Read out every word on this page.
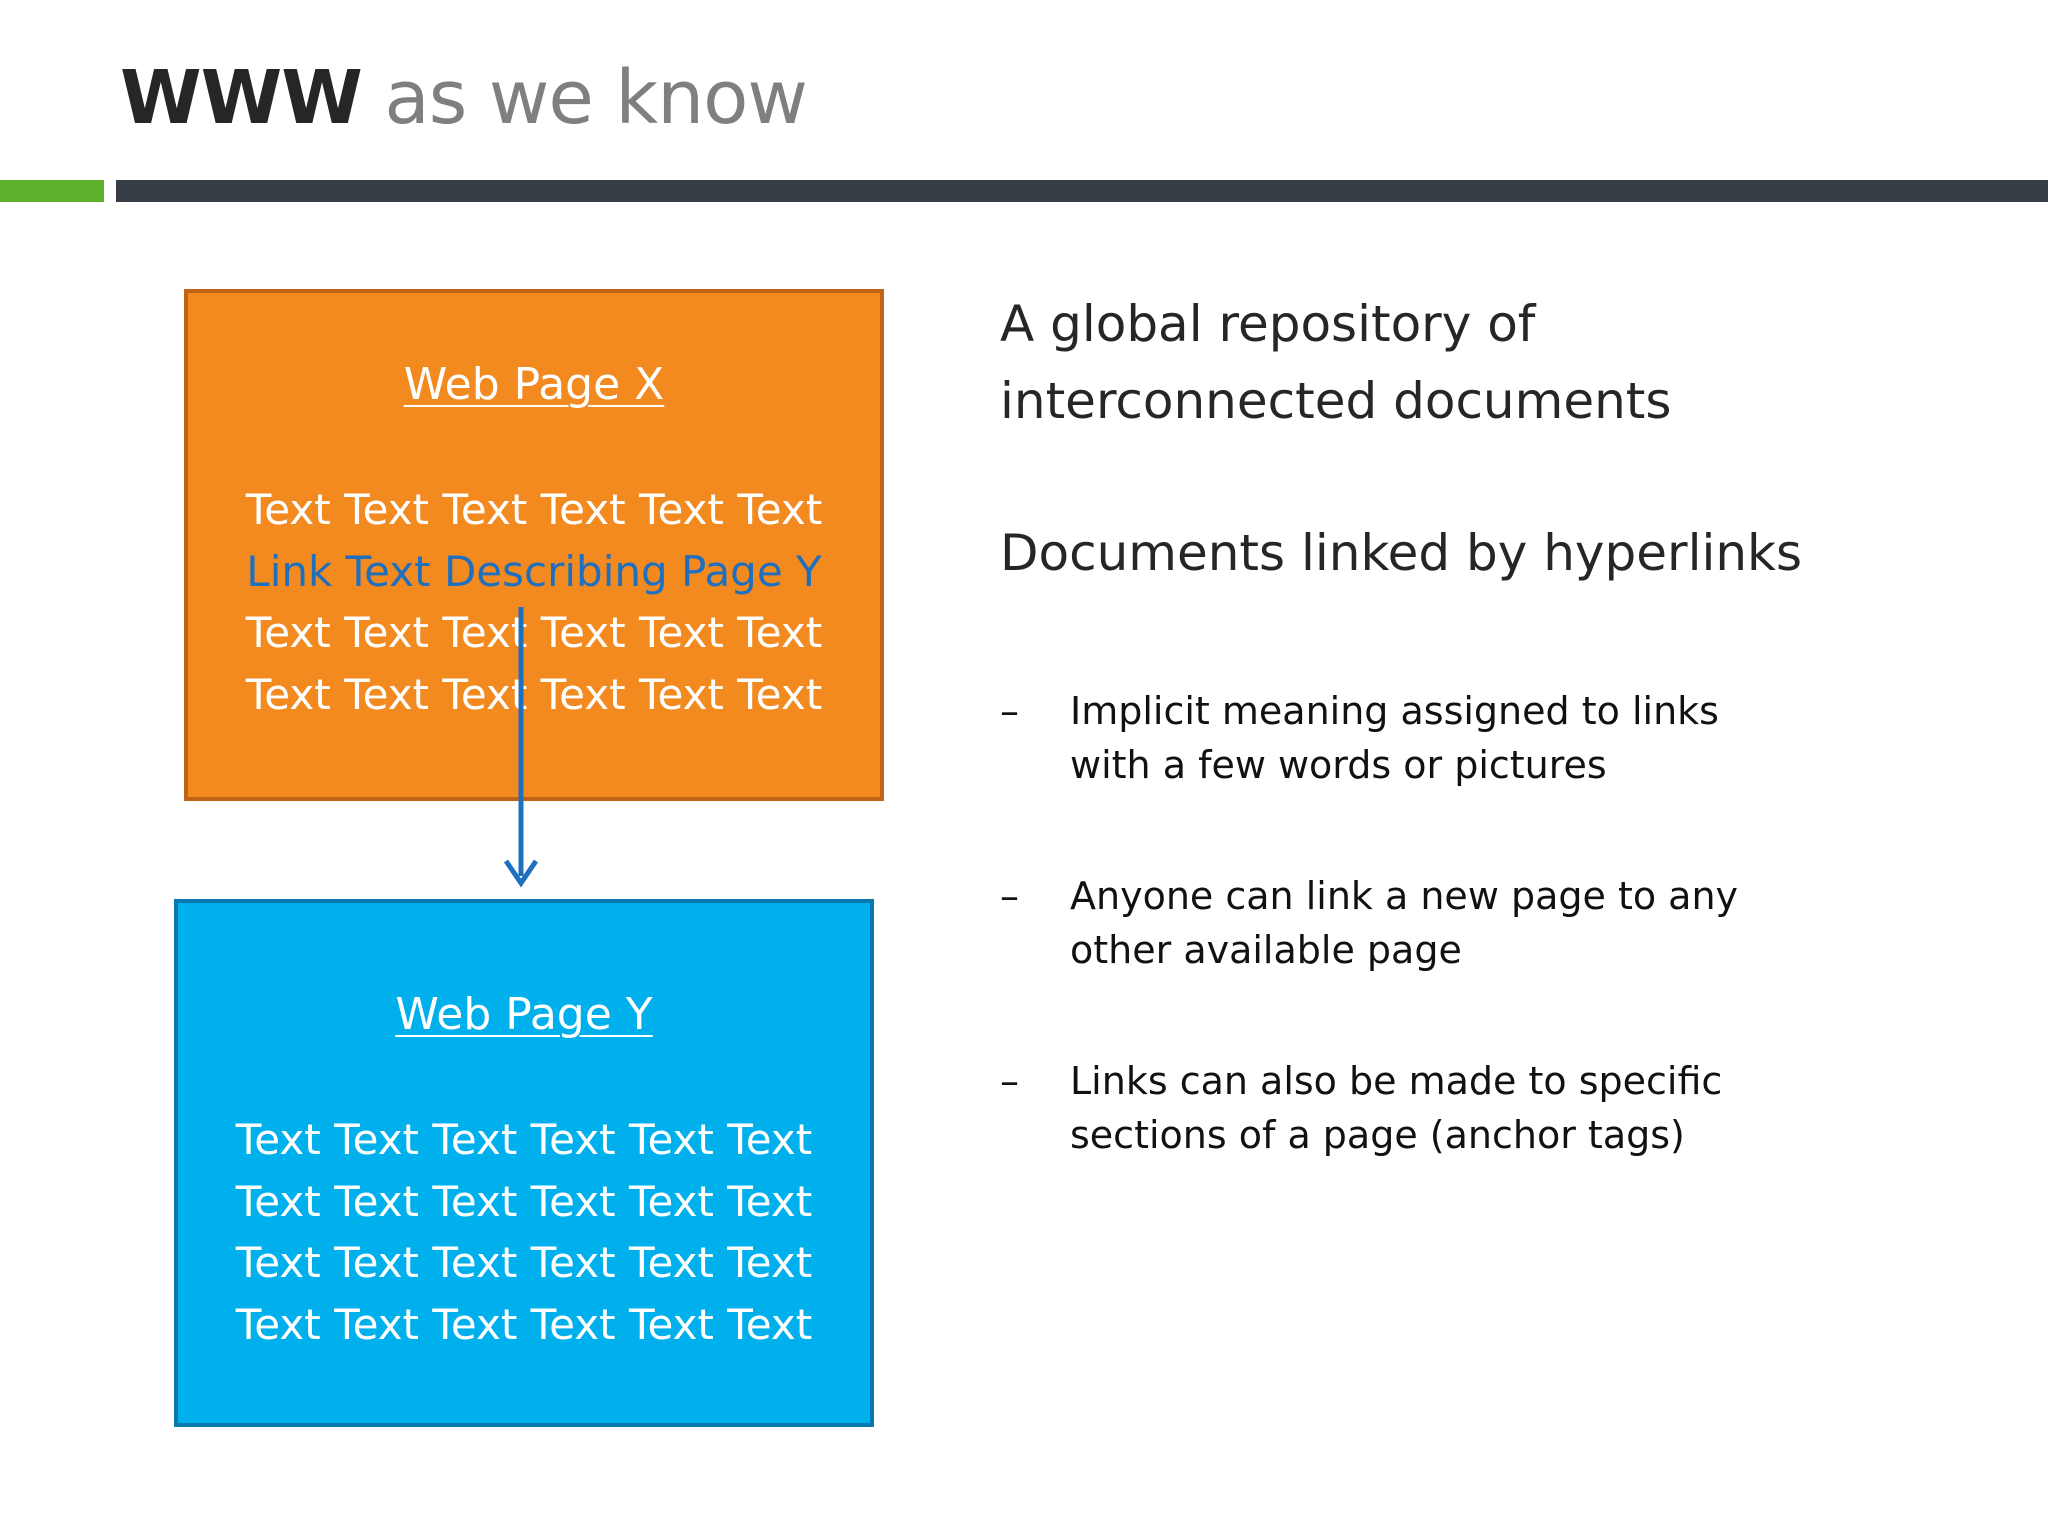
WWW as we know
Web Page X
Text Text Text Text Text Text
Link Text Describing Page Y
Text Text Text Text Text Text
Text Text Text Text Text Text
Web Page Y
Text Text Text Text Text Text
Text Text Text Text Text Text
Text Text Text Text Text Text
Text Text Text Text Text Text
A global repository of
interconnected documents
Documents linked by hyperlinks
– Implicit meaning assigned to links with a few words or pictures
– Anyone can link a new page to any other available page
– Links can also be made to specific sections of a page (anchor tags)
